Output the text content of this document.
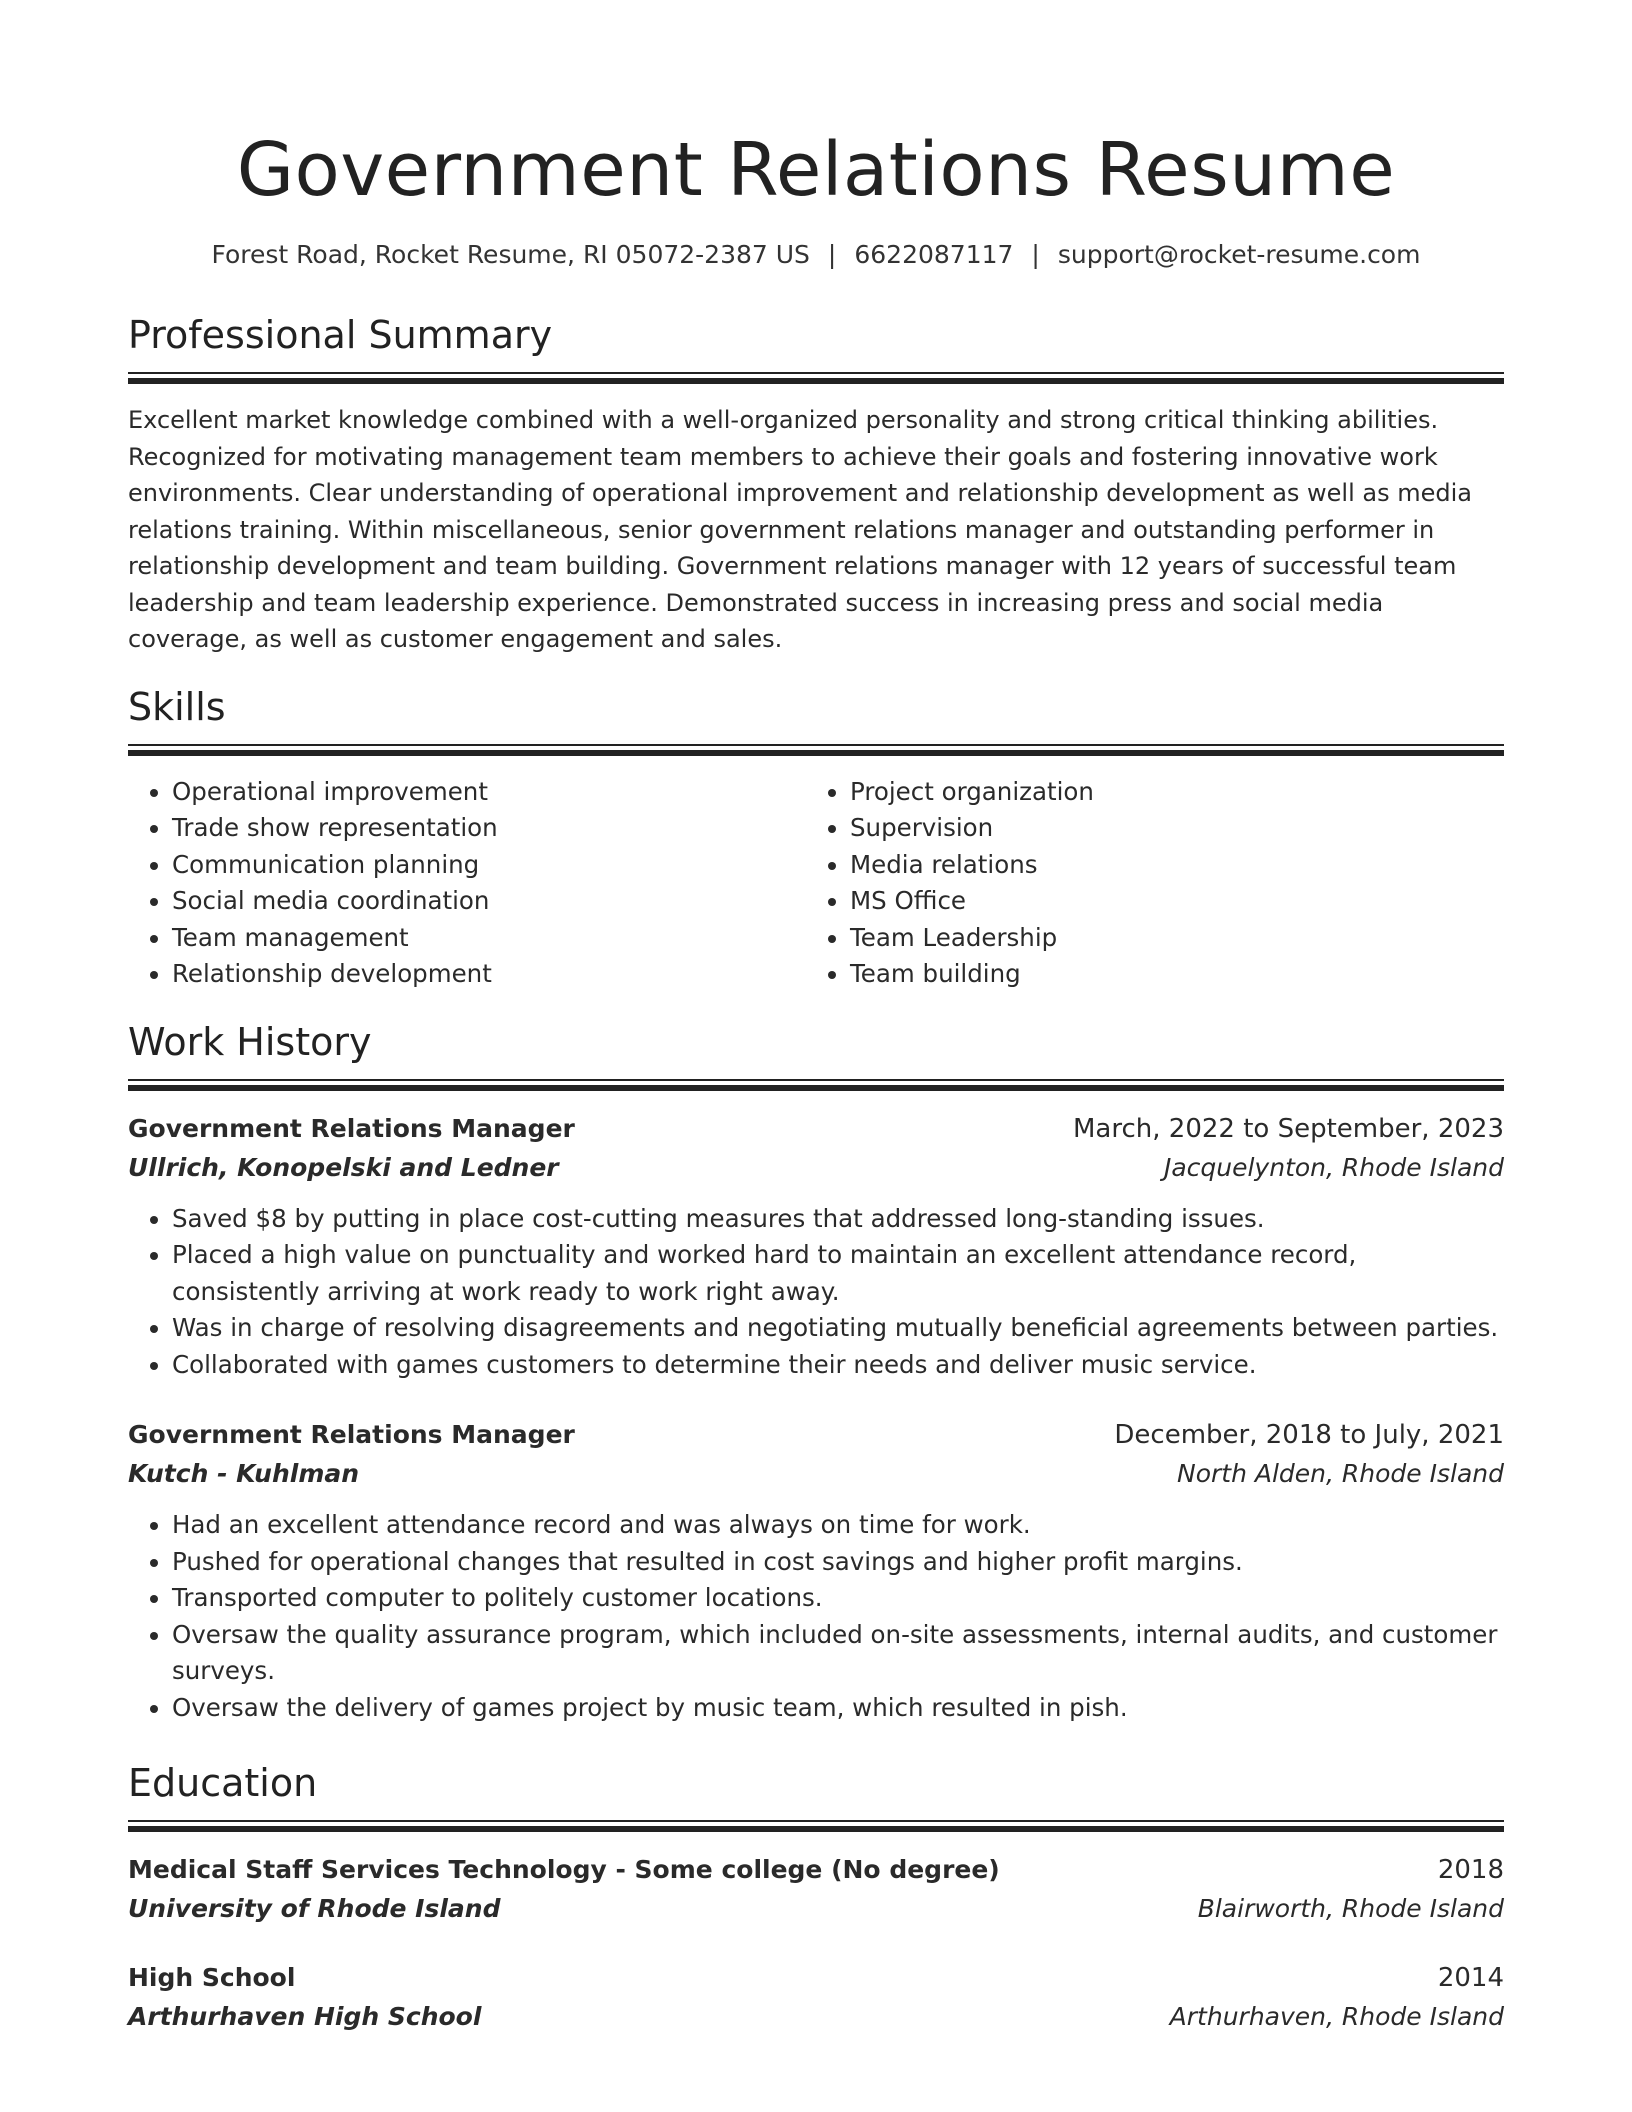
Government Relations Resume
Forest Road, Rocket Resume, RI 05072-2387 US | 6622087117 | support@rocket-resume.com
Professional Summary

Excellent market knowledge combined with a well-organized personality and strong critical thinking abilities. Recognized for motivating management team members to achieve their goals and fostering innovative work environments. Clear understanding of operational improvement and relationship development as well as media relations training. Within miscellaneous, senior government relations manager and outstanding performer in relationship development and team building. Government relations manager with 12 years of successful team leadership and team leadership experience. Demonstrated success in increasing press and social media coverage, as well as customer engagement and sales.

Skills
• Operational improvement
• Trade show representation
• Communication planning
• Social media coordination
• Team management
• Relationship development
• Project organization
• Supervision
• Media relations
• MS Office
• Team Leadership
• Team building
Work History
Government Relations Manager	March, 2022 to September, 2023
Ullrich, Konopelski and Ledner	Jacquelynton, Rhode Island
• Saved $8 by putting in place cost-cutting measures that addressed long-standing issues.
• Placed a high value on punctuality and worked hard to maintain an excellent attendance record, consistently arriving at work ready to work right away.
• Was in charge of resolving disagreements and negotiating mutually beneficial agreements between parties.
• Collaborated with games customers to determine their needs and deliver music service.
Government Relations Manager	December, 2018 to July, 2021
Kutch - Kuhlman	North Alden, Rhode Island
• Had an excellent attendance record and was always on time for work.
• Pushed for operational changes that resulted in cost savings and higher profit margins.
• Transported computer to politely customer locations.
• Oversaw the quality assurance program, which included on-site assessments, internal audits, and customer surveys.
• Oversaw the delivery of games project by music team, which resulted in pish.
Education
Medical Staff Services Technology - Some college (No degree)	2018
University of Rhode Island	Blairworth, Rhode Island
High School	2014
Arthurhaven High School	Arthurhaven, Rhode Island
